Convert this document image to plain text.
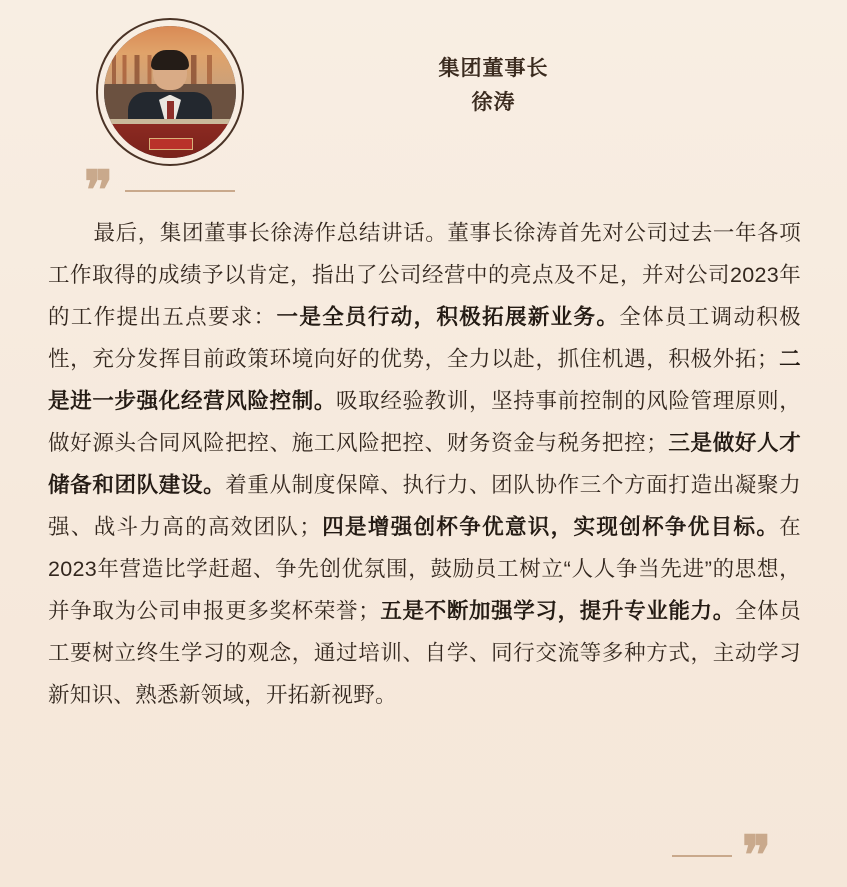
集团董事长
徐涛
❞

最后，集团董事长徐涛作总结讲话。董事长徐涛首先对公司过去一年各项工作取得的成绩予以肯定，指出了公司经营中的亮点及不足，并对公司2023年的工作提出五点要求：一是全员行动，积极拓展新业务。全体员工调动积极性，充分发挥目前政策环境向好的优势，全力以赴，抓住机遇，积极外拓；二是进一步强化经营风险控制。吸取经验教训，坚持事前控制的风险管理原则，做好源头合同风险把控、施工风险把控、财务资金与税务把控；三是做好人才储备和团队建设。着重从制度保障、执行力、团队协作三个方面打造出凝聚力强、战斗力高的高效团队；四是增强创杯争优意识，实现创杯争优目标。在2023年营造比学赶超、争先创优氛围，鼓励员工树立“人人争当先进”的思想，并争取为公司申报更多奖杯荣誉；五是不断加强学习，提升专业能力。全体员工要树立终生学习的观念，通过培训、自学、同行交流等多种方式，主动学习新知识、熟悉新领域，开拓新视野。

❞
